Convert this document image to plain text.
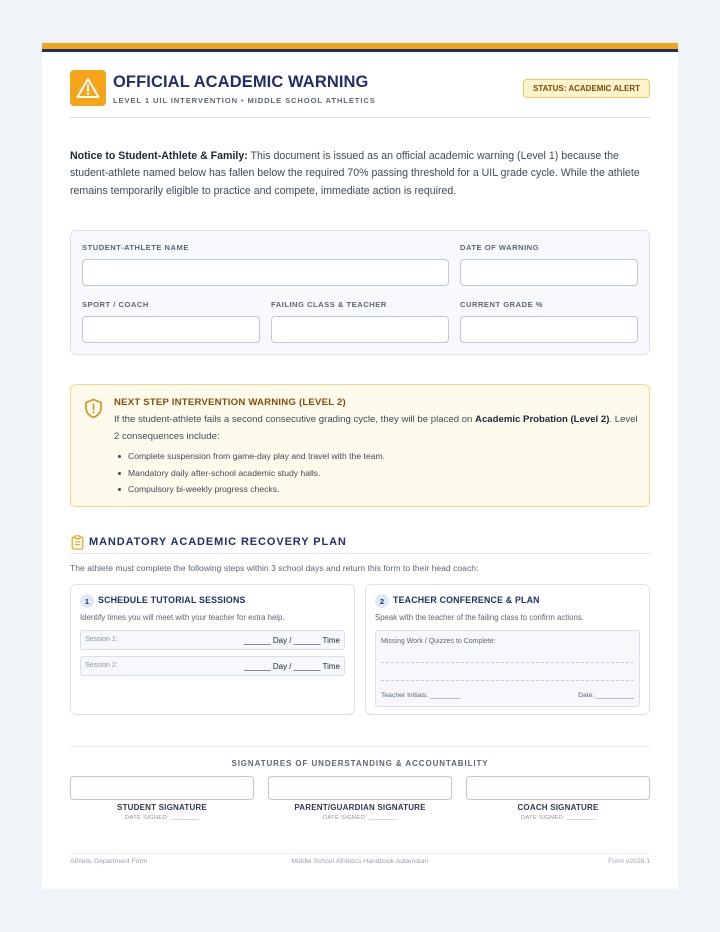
OFFICIAL ACADEMIC WARNING
LEVEL 1 UIL INTERVENTION • MIDDLE SCHOOL ATHLETICS
STATUS: ACADEMIC ALERT

Notice to Student-Athlete & Family: This document is issued as an official academic warning (Level 1) because the student-athlete named below has fallen below the required 70% passing threshold for a UIL grade cycle. While the athlete remains temporarily eligible to practice and compete, immediate action is required.

STUDENT-ATHLETE NAME	DATE OF WARNING
SPORT / COACH	FAILING CLASS & TEACHER	CURRENT GRADE %
NEXT STEP INTERVENTION WARNING (LEVEL 2)

If the student-athlete fails a second consecutive grading cycle, they will be placed on Academic Probation (Level 2). Level 2 consequences include:

Complete suspension from game-day play and travel with the team.
Mandatory daily after-school academic study halls.
Compulsory bi-weekly progress checks.
MANDATORY ACADEMIC RECOVERY PLAN
The athlete must complete the following steps within 3 school days and return this form to their head coach:
1	SCHEDULE TUTORIAL SESSIONS
Identify times you will meet with your teacher for extra help.
Session 1:	______ Day / ______ Time
Session 2:	______ Day / ______ Time
2	TEACHER CONFERENCE & PLAN
Speak with the teacher of the failing class to confirm actions.
Missing Work / Quizzes to Complete:
Teacher Initials: ________	Date: __________
SIGNATURES OF UNDERSTANDING & ACCOUNTABILITY
STUDENT SIGNATURE
DATE SIGNED: ________
PARENT/GUARDIAN SIGNATURE
DATE SIGNED: ________
COACH SIGNATURE
DATE SIGNED: ________
Athletic Department Form	Middle School Athletics Handbook Addendum	Form v2026.1
